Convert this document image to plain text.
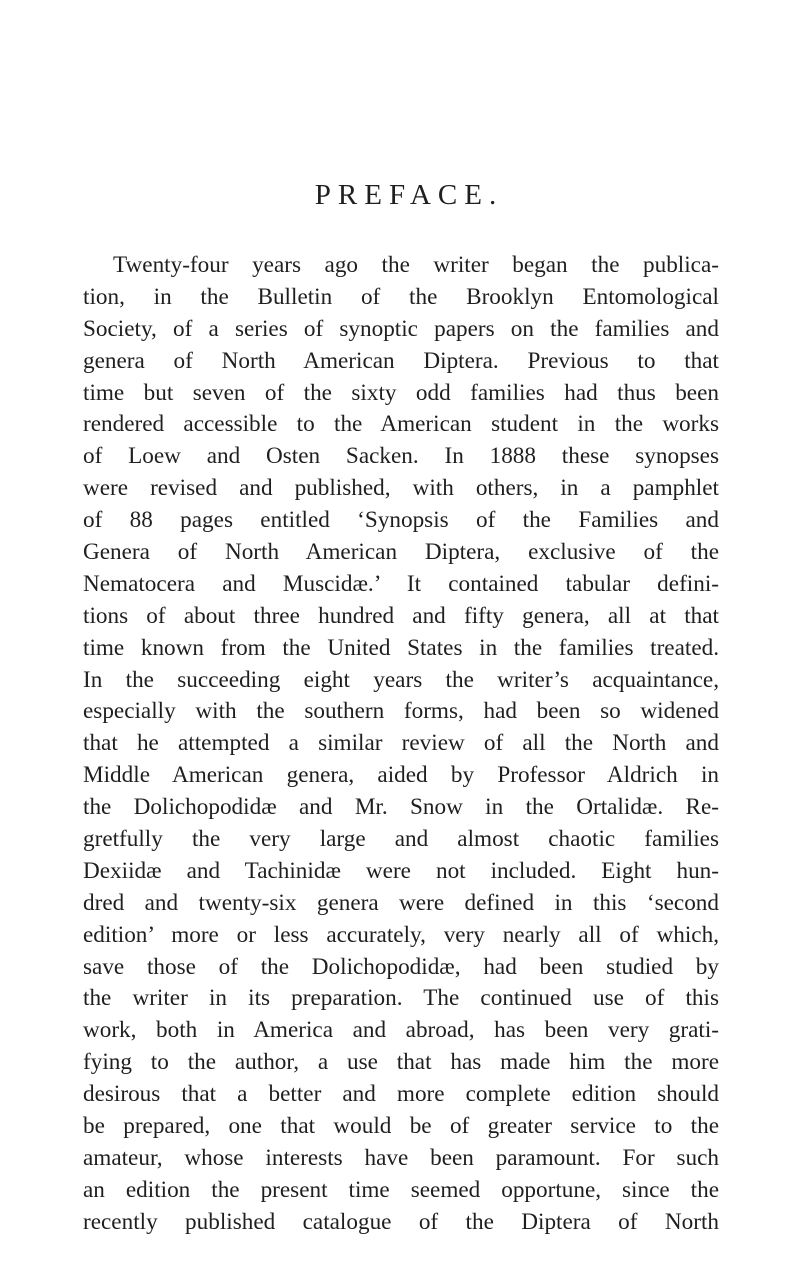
PREFACE.
Twenty-four years ago the writer began the publica-
tion, in the Bulletin of the Brooklyn Entomological
Society, of a series of synoptic papers on the families and
genera of North American Diptera. Previous to that
time but seven of the sixty odd families had thus been
rendered accessible to the American student in the works
of Loew and Osten Sacken. In 1888 these synopses
were revised and published, with others, in a pamphlet
of 88 pages entitled ‘Synopsis of the Families and
Genera of North American Diptera, exclusive of the
Nematocera and Muscidæ.’ It contained tabular defini-
tions of about three hundred and fifty genera, all at that
time known from the United States in the families treated.
In the succeeding eight years the writer’s acquaintance,
especially with the southern forms, had been so widened
that he attempted a similar review of all the North and
Middle American genera, aided by Professor Aldrich in
the Dolichopodidæ and Mr. Snow in the Ortalidæ. Re-
gretfully the very large and almost chaotic families
Dexiidæ and Tachinidæ were not included. Eight hun-
dred and twenty-six genera were defined in this ‘second
edition’ more or less accurately, very nearly all of which,
save those of the Dolichopodidæ, had been studied by
the writer in its preparation. The continued use of this
work, both in America and abroad, has been very grati-
fying to the author, a use that has made him the more
desirous that a better and more complete edition should
be prepared, one that would be of greater service to the
amateur, whose interests have been paramount. For such
an edition the present time seemed opportune, since the
recently published catalogue of the Diptera of North
